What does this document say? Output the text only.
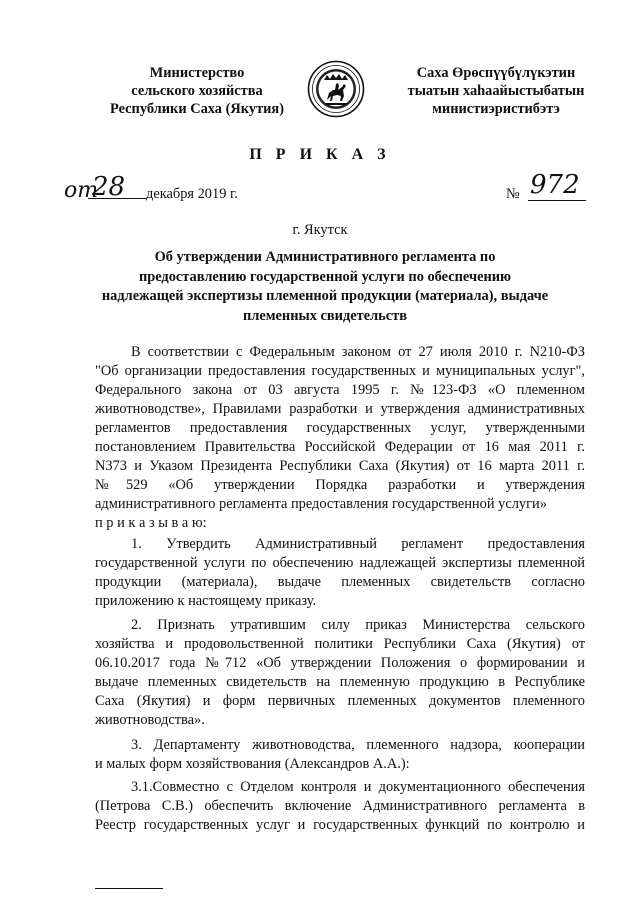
Министерство
сельского хозяйства
Республики Саха (Якутия)
Саха Өрөспүүбүлүкэтин
тыатын хаhаайыстыбатын
министиэристибэтэ
П Р И К А З
от
28 декабря 2019 г.	№ 972
г. Якутск
Об утверждении Административного регламента по
предоставлению государственной услуги по обеспечению
надлежащей экспертизы племенной продукции (материала), выдаче
племенных свидетельств
В соответствии с Федеральным законом от 27 июля 2010 г. N210-ФЗ
"Об организации предоставления государственных и муниципальных услуг",
Федерального закона от 03 августа 1995 г. №123-ФЗ «О племенном
животноводстве», Правилами разработки и утверждения административных
регламентов предоставления государственных услуг, утвержденными
постановлением Правительства Российской Федерации от 16 мая 2011 г.
N373 и Указом Президента Республики Саха (Якутия) от 16 марта 2011 г.
№529 «Об утверждении Порядка разработки и утверждения
административного регламента предоставления государственной услуги»
п р и к а з ы в а ю:
1. Утвердить Административный регламент предоставления
государственной услуги по обеспечению надлежащей экспертизы племенной
продукции (материала), выдаче племенных свидетельств согласно
приложению к настоящему приказу.
2. Признать утратившим силу приказ Министерства сельского
хозяйства и продовольственной политики Республики Саха (Якутия) от
06.10.2017 года №712 «Об утверждении Положения о формировании и
выдаче племенных свидетельств на племенную продукцию в Республике
Саха (Якутия) и форм первичных племенных документов племенного
животноводства».
3. Департаменту животноводства, племенного надзора, кооперации
и малых форм хозяйствования (Александров А.А.):
3.1.Совместно с Отделом контроля и документационного обеспечения
(Петрова С.В.) обеспечить включение Административного регламента в
Реестр государственных услуг и государственных функций по контролю и
